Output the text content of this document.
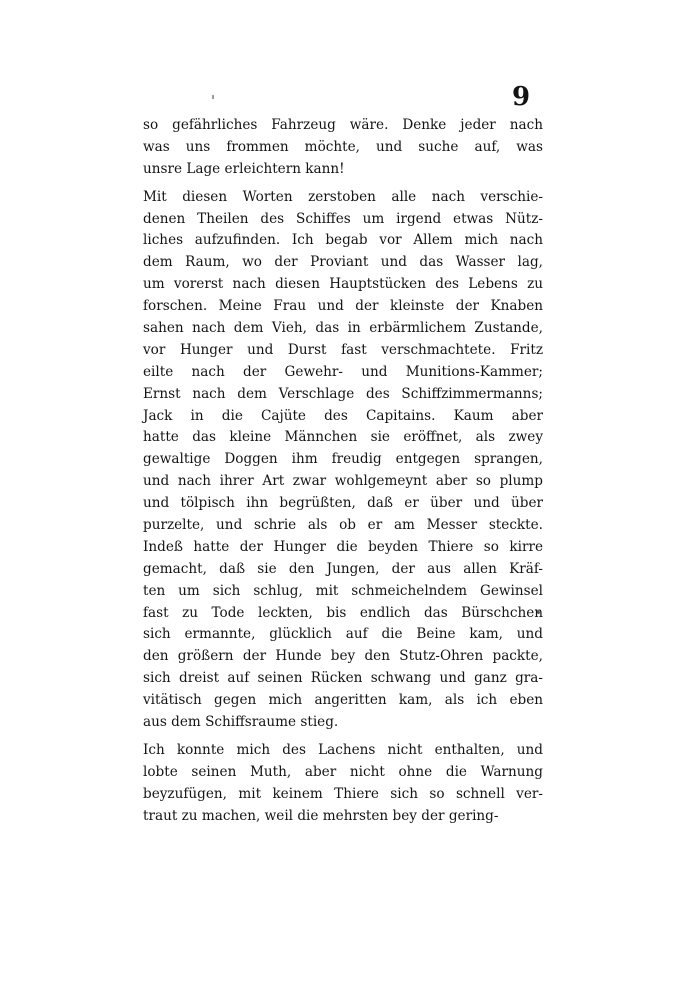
9
so gefährliches Fahrzeug wäre. Denke jeder nach
was uns frommen möchte, und suche auf, was
unsre Lage erleichtern kann!
Mit diesen Worten zerstoben alle nach verschie-
denen Theilen des Schiffes um irgend etwas Nütz-
liches aufzufinden. Ich begab vor Allem mich nach
dem Raum, wo der Proviant und das Wasser lag,
um vorerst nach diesen Hauptstücken des Lebens zu
forschen. Meine Frau und der kleinste der Knaben
sahen nach dem Vieh, das in erbärmlichem Zustande,
vor Hunger und Durst fast verschmachtete. Fritz
eilte nach der Gewehr- und Munitions-Kammer;
Ernst nach dem Verschlage des Schiffzimmermanns;
Jack in die Cajüte des Capitains. Kaum aber
hatte das kleine Männchen sie eröffnet, als zwey
gewaltige Doggen ihm freudig entgegen sprangen,
und nach ihrer Art zwar wohlgemeynt aber so plump
und tölpisch ihn begrüßten, daß er über und über
purzelte, und schrie als ob er am Messer steckte.
Indeß hatte der Hunger die beyden Thiere so kirre
gemacht, daß sie den Jungen, der aus allen Kräf-
ten um sich schlug, mit schmeichelndem Gewinsel
fast zu Tode leckten, bis endlich das Bürschchen
sich ermannte, glücklich auf die Beine kam, und
den größern der Hunde bey den Stutz-Ohren packte,
sich dreist auf seinen Rücken schwang und ganz gra-
vitätisch gegen mich angeritten kam, als ich eben
aus dem Schiffsraume stieg.
Ich konnte mich des Lachens nicht enthalten, und
lobte seinen Muth, aber nicht ohne die Warnung
beyzufügen, mit keinem Thiere sich so schnell ver-
traut zu machen, weil die mehrsten bey der gering-
